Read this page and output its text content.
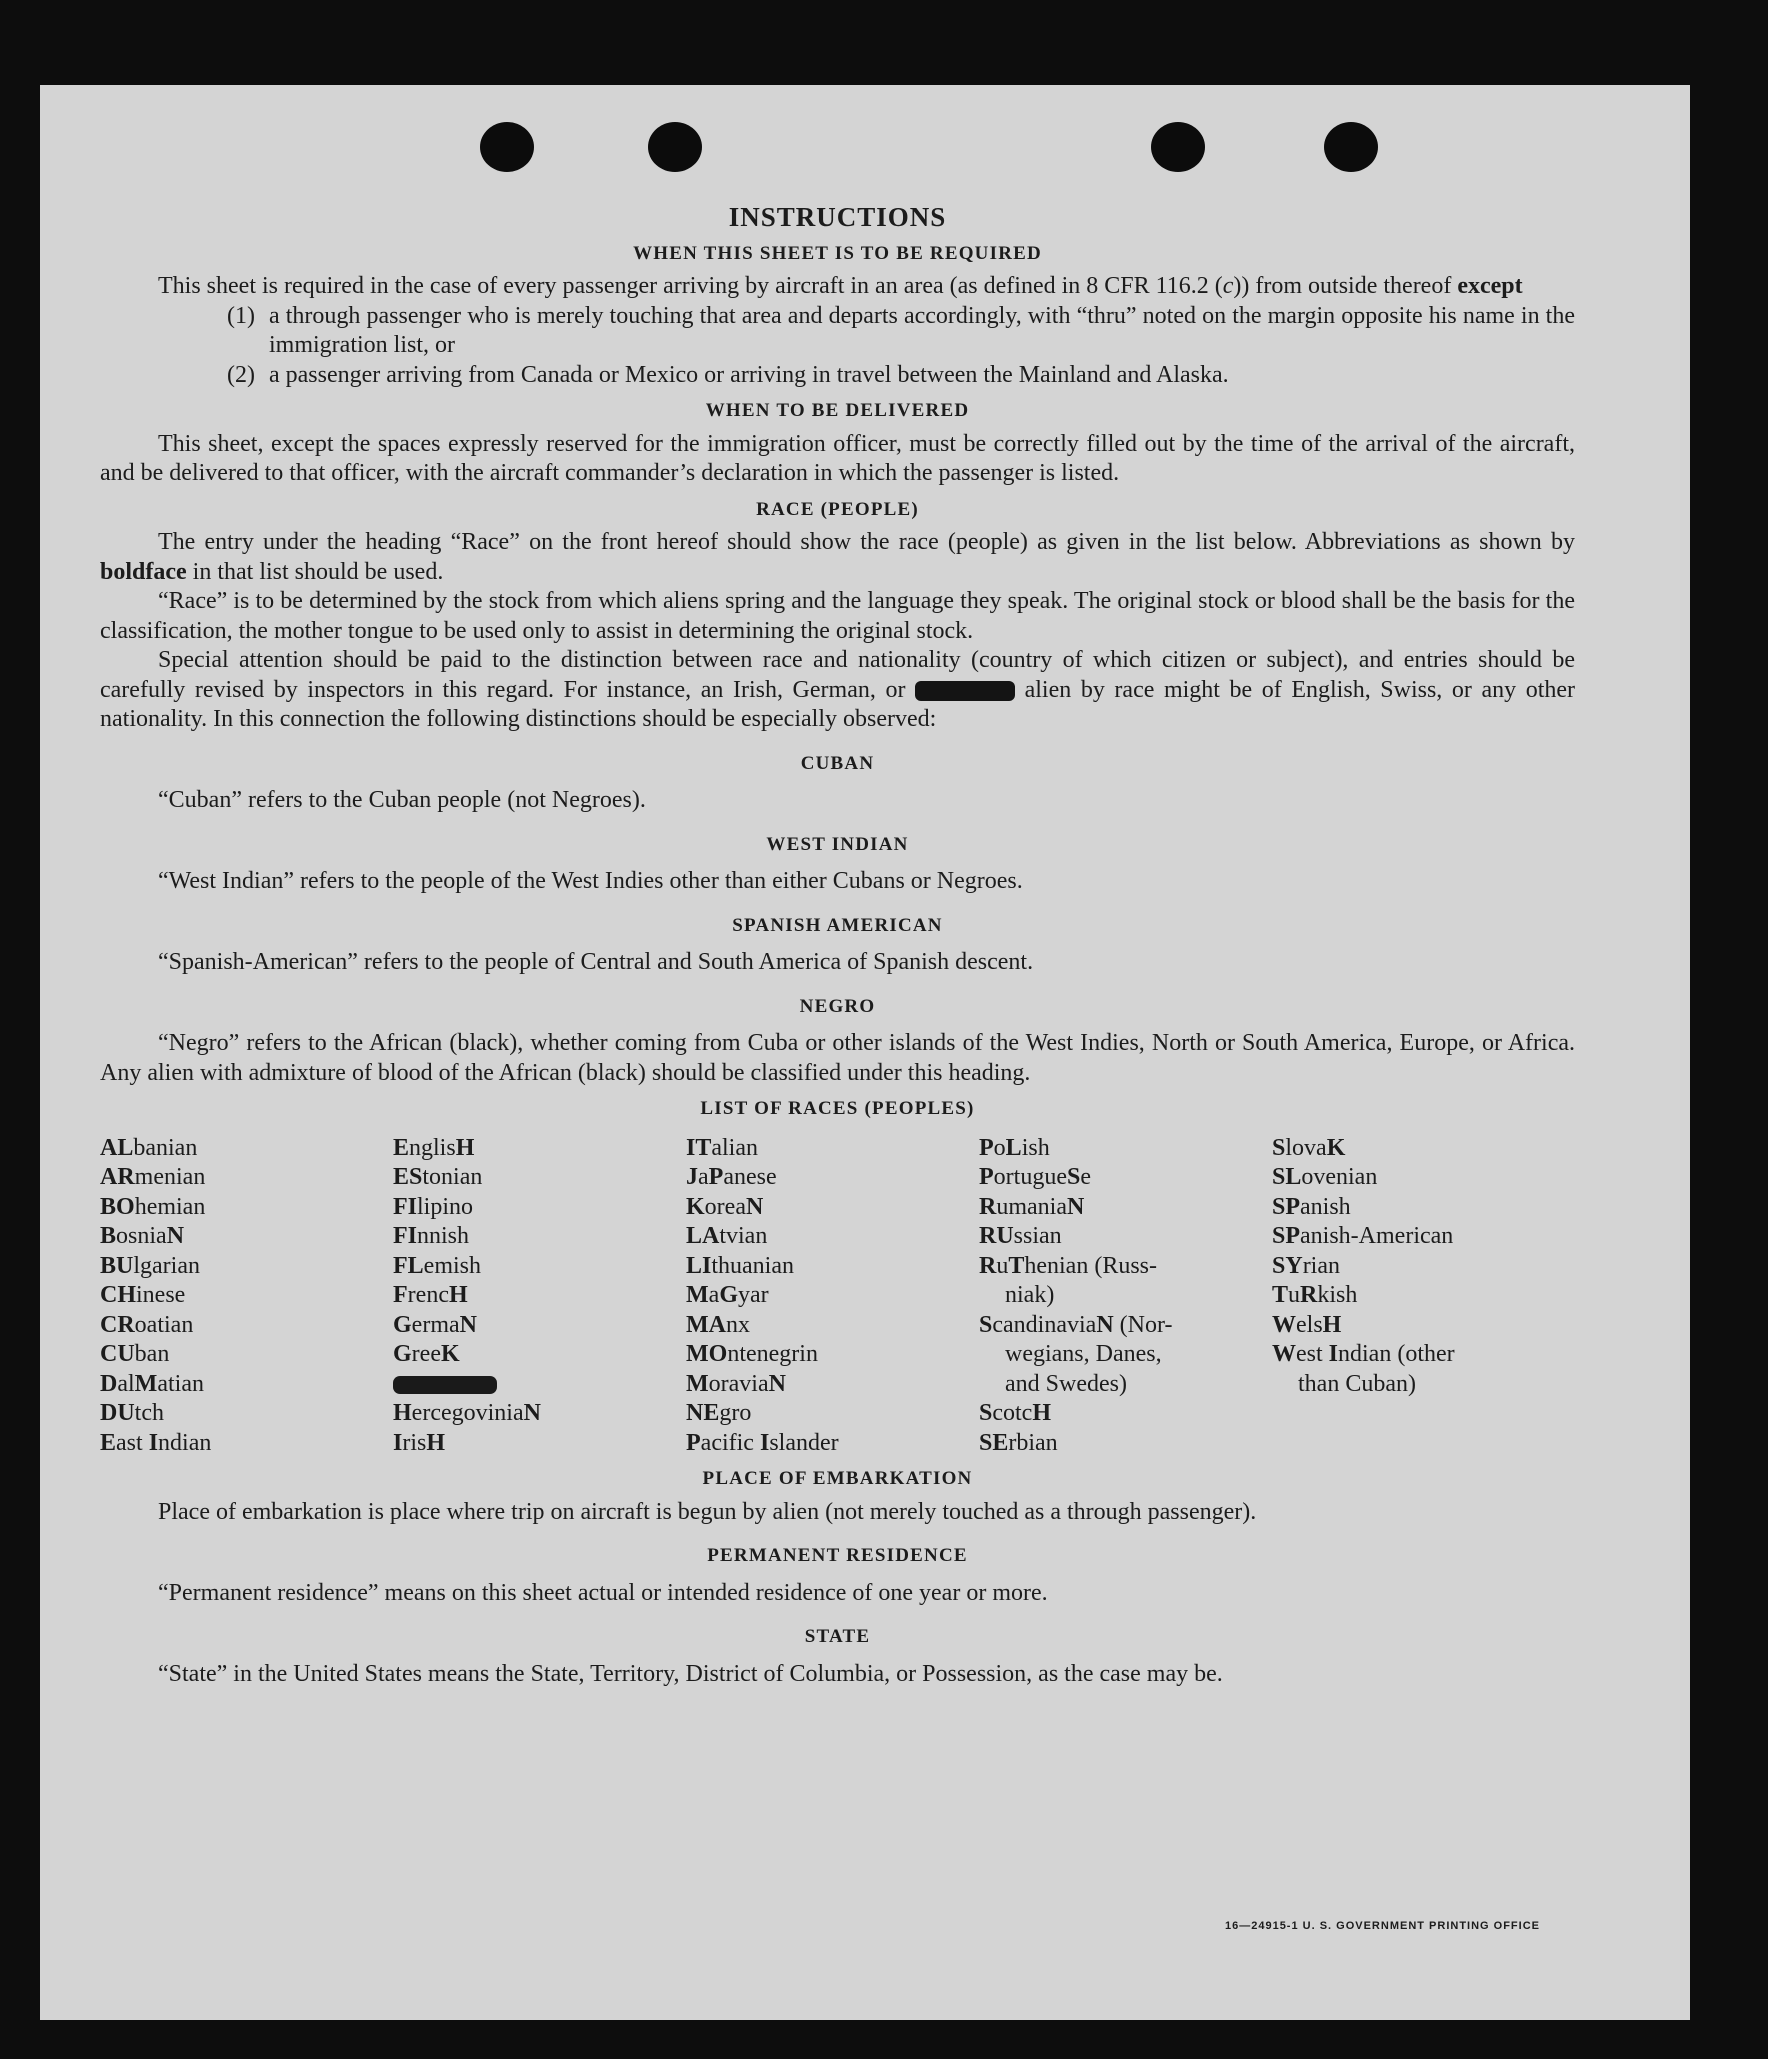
INSTRUCTIONS
WHEN THIS SHEET IS TO BE REQUIRED

This sheet is required in the case of every passenger arriving by aircraft in an area (as defined in 8 CFR 116.2 (c)) from outside thereof except

(1) a through passenger who is merely touching that area and departs accordingly, with “thru” noted on the margin opposite his name in the immigration list, or
(2) a passenger arriving from Canada or Mexico or arriving in travel between the Mainland and Alaska.
WHEN TO BE DELIVERED

This sheet, except the spaces expressly reserved for the immigration officer, must be correctly filled out by the time of the arrival of the aircraft, and be delivered to that officer, with the aircraft commander’s declaration in which the passenger is listed.

RACE (PEOPLE)

The entry under the heading “Race” on the front hereof should show the race (people) as given in the list below. Abbreviations as shown by boldface in that list should be used.

“Race” is to be determined by the stock from which aliens spring and the language they speak. The original stock or blood shall be the basis for the classification, the mother tongue to be used only to assist in determining the original stock.

Special attention should be paid to the distinction between race and nationality (country of which citizen or subject), and entries should be carefully revised by inspectors in this regard. For instance, an Irish, German, or	alien by race might be of English, Swiss, or any other nationality. In this connection the following distinctions should be especially observed:

CUBAN

“Cuban” refers to the Cuban people (not Negroes).

WEST INDIAN

“West Indian” refers to the people of the West Indies other than either Cubans or Negroes.

SPANISH AMERICAN

“Spanish-American” refers to the people of Central and South America of Spanish descent.

NEGRO

“Negro” refers to the African (black), whether coming from Cuba or other islands of the West Indies, North or South America, Europe, or Africa. Any alien with admixture of blood of the African (black) should be classified under this heading.

LIST OF RACES (PEOPLES)
ALbanian
ARmenian
BOhemian
BosniaN
BUlgarian
CHinese
CRoatian
CUban
DalMatian
DUtch
East Indian
EnglisH
EStonian
FIlipino
FInnish
FLemish
FrencH
GermaN
GreeK
HercegoviniaN
IrisH
ITalian
JaPanese
KoreaN
LAtvian
LIthuanian
MaGyar
MAnx
MOntenegrin
MoraviaN
NEgro
Pacific Islander
PoLish
PortugueSe
RumaniaN
RUssian
RuThenian (Russ-
niak)
ScandinaviaN (Nor-
wegians, Danes,
and Swedes)
ScotcH
SErbian
SlovaK
SLovenian
SPanish
SPanish-American
SYrian
TuRkish
WelsH
West Indian (other
than Cuban)
PLACE OF EMBARKATION

Place of embarkation is place where trip on aircraft is begun by alien (not merely touched as a through passenger).

PERMANENT RESIDENCE

“Permanent residence” means on this sheet actual or intended residence of one year or more.

STATE

“State” in the United States means the State, Territory, District of Columbia, or Possession, as the case may be.

16—24915-1 U. S. GOVERNMENT PRINTING OFFICE
